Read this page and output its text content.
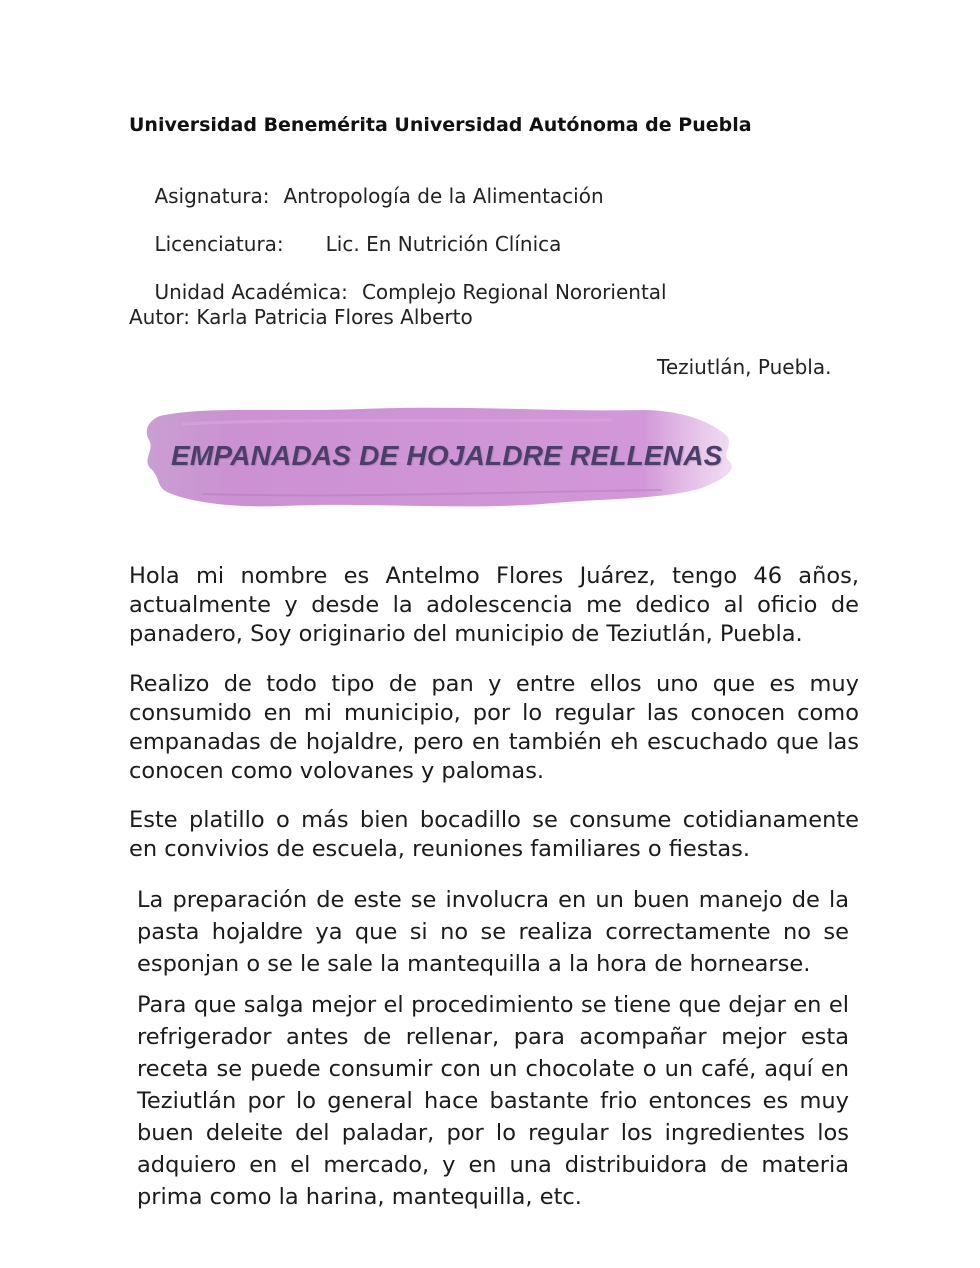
Universidad Benemérita Universidad Autónoma de Puebla

Asignatura: Antropología de la Alimentación

Licenciatura: Lic. En Nutrición Clínica

Unidad Académica: Complejo Regional Nororiental

Autor: Karla Patricia Flores Alberto
Teziutlán, Puebla.
EMPANADAS DE HOJALDRE RELLENAS
Hola mi nombre es Antelmo Flores Juárez, tengo 46 años, actualmente y desde la adolescencia me dedico al oficio de panadero, Soy originario del municipio de Teziutlán, Puebla.
Realizo de todo tipo de pan y entre ellos uno que es muy consumido en mi municipio, por lo regular las conocen como empanadas de hojaldre, pero en también eh escuchado que las conocen como volovanes y palomas.
Este platillo o más bien bocadillo se consume cotidianamente en convivios de escuela, reuniones familiares o fiestas.
La preparación de este se involucra en un buen manejo de la pasta hojaldre ya que si no se realiza correctamente no se esponjan o se le sale la mantequilla a la hora de hornearse.
Para que salga mejor el procedimiento se tiene que dejar en el refrigerador antes de rellenar, para acompañar mejor esta receta se puede consumir con un chocolate o un café, aquí en Teziutlán por lo general hace bastante frio entonces es muy buen deleite del paladar, por lo regular los ingredientes los adquiero en el mercado, y en una distribuidora de materia prima como la harina, mantequilla, etc.
